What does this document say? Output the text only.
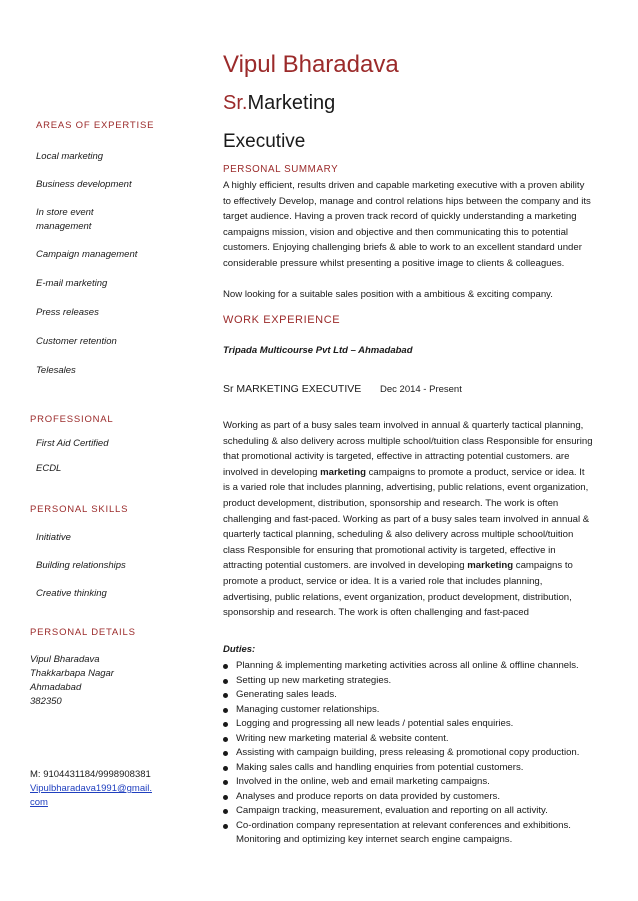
AREAS OF EXPERTISE
Local marketing
Business development
In store event management
Campaign management
E-mail marketing
Press releases
Customer retention
Telesales
PROFESSIONAL
First Aid Certified
ECDL
PERSONAL SKILLS
Initiative
Building relationships
Creative thinking
PERSONAL DETAILS
Vipul Bharadava
Thakkarbapa Nagar
Ahmadabad
382350
M: 9104431184/9998908381
Vipulbharadava1991@gmail.
com
Vipul Bharadava
Sr.Marketing
Executive
PERSONAL SUMMARY
A highly efficient, results driven and capable marketing executive with a proven ability to effectively Develop, manage and control relations hips between the company and its target audience. Having a proven track record of quickly understanding a marketing campaigns mission, vision and objective and then communicating this to potential customers. Enjoying challenging briefs & able to work to an excellent standard under considerable pressure whilst presenting a positive image to clients & colleagues.
Now looking for a suitable sales position with a ambitious & exciting company.
WORK EXPERIENCE
Tripada Multicourse Pvt Ltd – Ahmadabad
Sr MARKETING EXECUTIVE Dec 2014 - Present
Working as part of a busy sales team involved in annual & quarterly tactical planning, scheduling & also delivery across multiple school/tuition class Responsible for ensuring that promotional activity is targeted, effective in attracting potential customers. are involved in developing marketing campaigns to promote a product, service or idea. It is a varied role that includes planning, advertising, public relations, event organization, product development, distribution, sponsorship and research. The work is often challenging and fast-paced. Working as part of a busy sales team involved in annual & quarterly tactical planning, scheduling & also delivery across multiple school/tuition class Responsible for ensuring that promotional activity is targeted, effective in attracting potential customers. are involved in developing marketing campaigns to promote a product, service or idea. It is a varied role that includes planning, advertising, public relations, event organization, product development, distribution, sponsorship and research. The work is often challenging and fast-paced
Duties:
Planning & implementing marketing activities across all online & offline channels.
Setting up new marketing strategies.
Generating sales leads.
Managing customer relationships.
Logging and progressing all new leads / potential sales enquiries.
Writing new marketing material & website content.
Assisting with campaign building, press releasing & promotional copy production.
Making sales calls and handling enquiries from potential customers.
Involved in the online, web and email marketing campaigns.
Analyses and produce reports on data provided by customers.
Campaign tracking, measurement, evaluation and reporting on all activity.
Co-ordination company representation at relevant conferences and exhibitions. Monitoring and optimizing key internet search engine campaigns.
